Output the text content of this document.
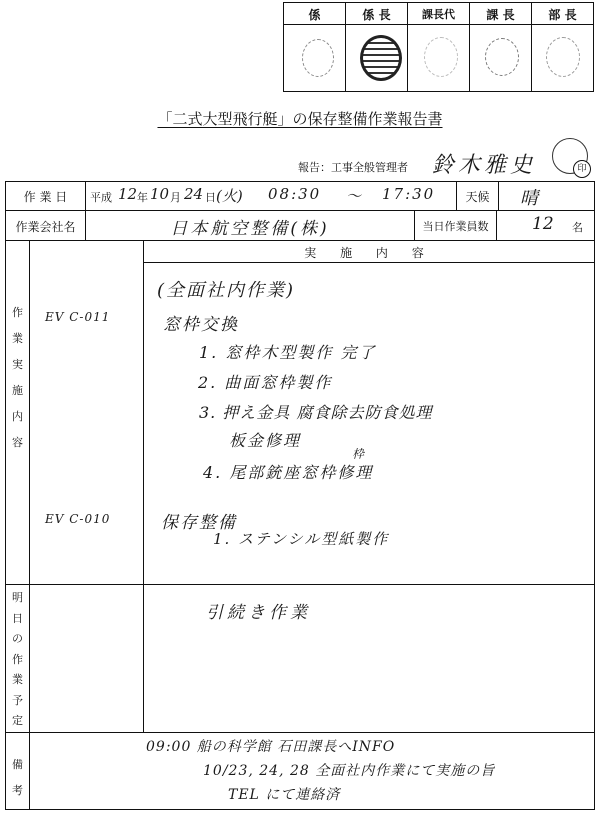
係	係 長	課長代	課 長	部 長
「二式大型飛行艇」の保存整備作業報告書
報告：工事全般管理者 鈴木雅史	印
作 業 日	平成 12 年 10 月 24 日 (火) 08:30 〜 17:30	天候	晴
作業会社名	日本航空整備(株)	当日作業員数	12 名
作
業
実
施
内
容
実 施 内 容
EV C-011
EV C-010
(全面社内作業)
窓枠交換
1. 窓枠木型製作 完了
2. 曲面窓枠製作
3. 押え金具 腐食除去防食処理
板金修理
枠
4. 尾部銃座窓枠修理
保存整備
1. ステンシル型紙製作
明
日
の
作
業
予
定
引続き作業
備
考
09:00 船の科学館 石田課長へINFO
10/23, 24, 28 全面社内作業にて実施の旨
TEL にて連絡済
